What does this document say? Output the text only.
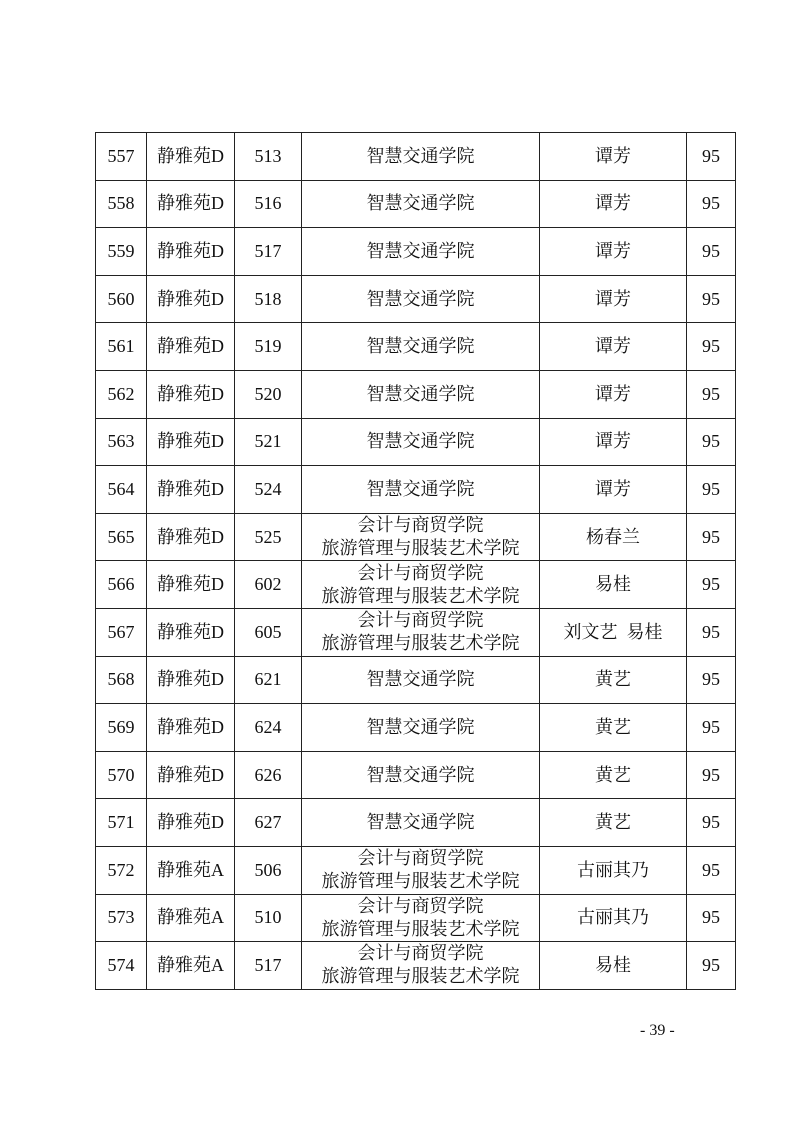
557	静雅苑D	513	智慧交通学院	谭芳	95
558	静雅苑D	516	智慧交通学院	谭芳	95
559	静雅苑D	517	智慧交通学院	谭芳	95
560	静雅苑D	518	智慧交通学院	谭芳	95
561	静雅苑D	519	智慧交通学院	谭芳	95
562	静雅苑D	520	智慧交通学院	谭芳	95
563	静雅苑D	521	智慧交通学院	谭芳	95
564	静雅苑D	524	智慧交通学院	谭芳	95
565	静雅苑D	525	会计与商贸学院
旅游管理与服装艺术学院	杨春兰	95
566	静雅苑D	602	会计与商贸学院
旅游管理与服装艺术学院	易桂	95
567	静雅苑D	605	会计与商贸学院
旅游管理与服装艺术学院	刘文艺  易桂	95
568	静雅苑D	621	智慧交通学院	黄艺	95
569	静雅苑D	624	智慧交通学院	黄艺	95
570	静雅苑D	626	智慧交通学院	黄艺	95
571	静雅苑D	627	智慧交通学院	黄艺	95
572	静雅苑A	506	会计与商贸学院
旅游管理与服装艺术学院	古丽其乃	95
573	静雅苑A	510	会计与商贸学院
旅游管理与服装艺术学院	古丽其乃	95
574	静雅苑A	517	会计与商贸学院
旅游管理与服装艺术学院	易桂	95
- 39 -
